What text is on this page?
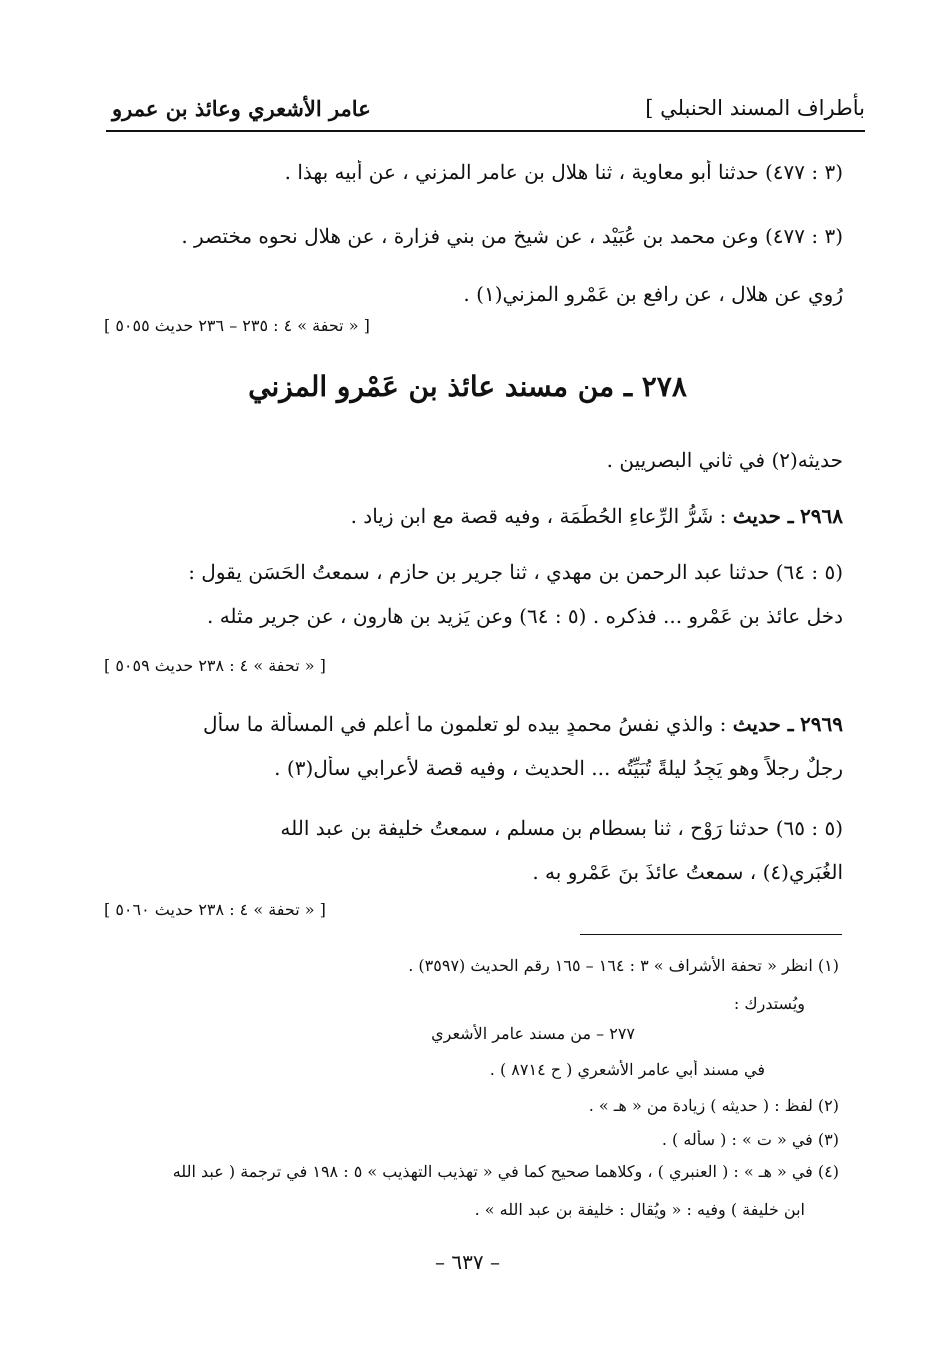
بأطراف المسند الحنبلي ]
عامر الأشعري وعائذ بن عمرو
(٣ : ٤٧٧) حدثنا أبو معاوية ، ثنا هلال بن عامر المزني ، عن أبيه بهذا .
(٣ : ٤٧٧) وعن محمد بن عُبَيْد ، عن شيخ من بني فزارة ، عن هلال نحوه مختصر .
رُوي عن هلال ، عن رافع بن عَمْرو المزني(١) .
[ « تحفة » ٤ : ٢٣٥ – ٢٣٦ حديث ٥٠٥٥ ]
٢٧٨ ـ من مسند عائذ بن عَمْرو المزني
حديثه(٢) في ثاني البصريين .
٢٩٦٨ ـ حديث : شَرُّ الرِّعاءِ الحُطَمَة ، وفيه قصة مع ابن زياد .
(٥ : ٦٤) حدثنا عبد الرحمن بن مهدي ، ثنا جرير بن حازم ، سمعتُ الحَسَن يقول :
دخل عائذ بن عَمْرو ... فذكره . (٥ : ٦٤) وعن يَزِيد بن هارون ، عن جرير مثله .
[ « تحفة » ٤ : ٢٣٨ حديث ٥٠٥٩ ]
٢٩٦٩ ـ حديث : والذي نفسُ محمدٍ بيده لو تعلمون ما أعلم في المسألة ما سأل
رجلٌ رجلاً وهو يَجِدُ ليلةً تُبَيِّتُه ... الحديث ، وفيه قصة لأعرابي سأل(٣) .
(٥ : ٦٥) حدثنا رَوْح ، ثنا بسطام بن مسلم ، سمعتُ خليفة بن عبد الله
الغُبَرِي(٤) ، سمعتُ عائذَ بنَ عَمْرٍو به .
[ « تحفة » ٤ : ٢٣٨ حديث ٥٠٦٠ ]
(١) انظر « تحفة الأشراف » ٣ : ١٦٤ – ١٦٥ رقم الحديث (٣٥٩٧) .
ويُستدرك :
٢٧٧ – من مسند عامر الأشعري
في مسند أبي عامر الأشعري ( ح ٨٧١٤ ) .
(٢) لفظ : ( حديثه ) زيادة من « هـ » .
(٣) في « ت » : ( سأله ) .
(٤) في « هـ » : ( العنبري ) ، وكلاهما صحيح كما في « تهذيب التهذيب » ٥ : ١٩٨ في ترجمة ( عبد الله
ابن خليفة ) وفيه : « ويُقال : خليفة بن عبد الله » .
– ٦٣٧ –
